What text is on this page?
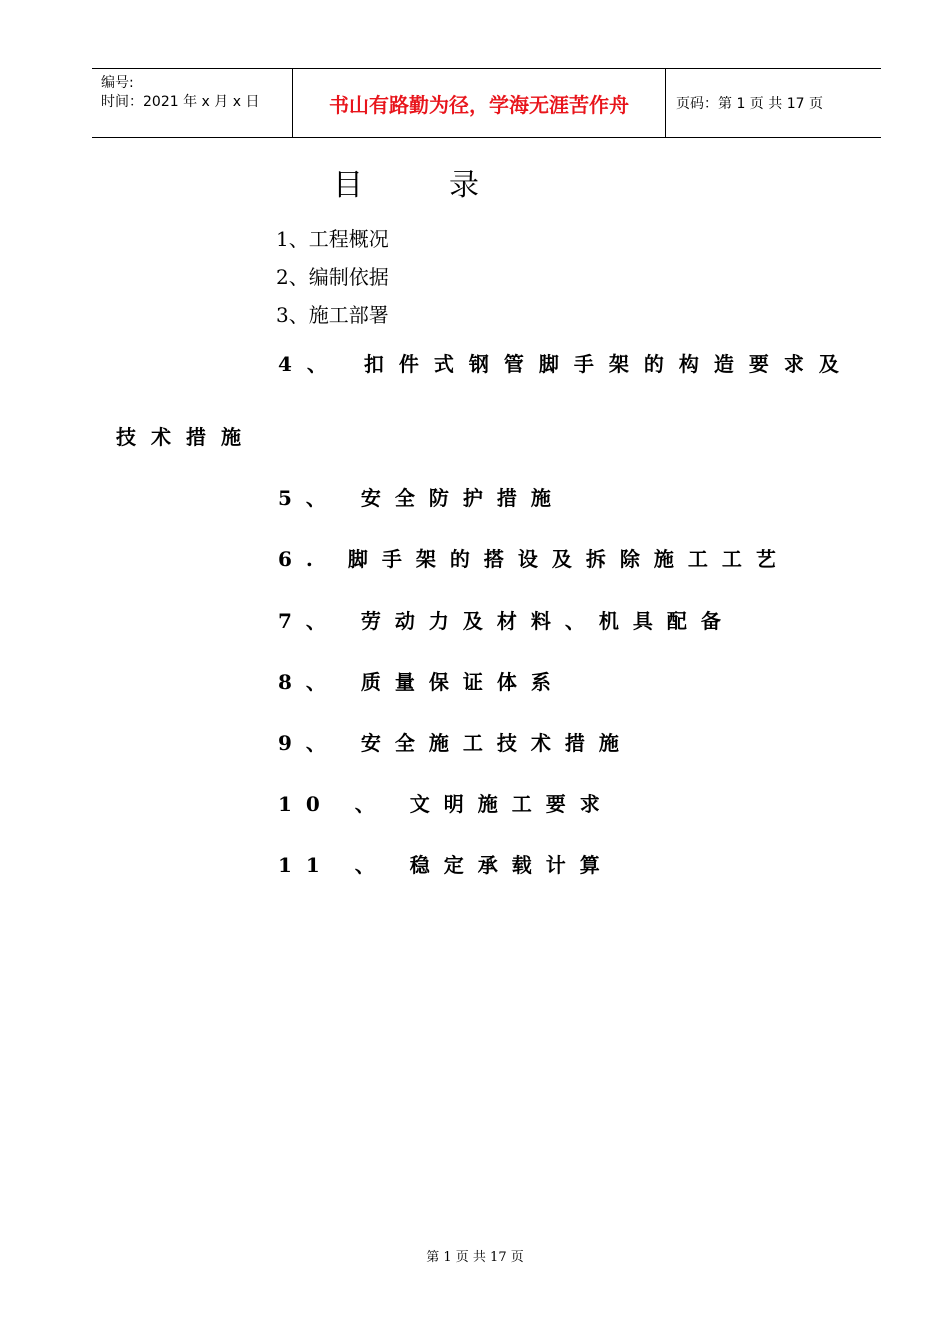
编号:
时间：2021 年 x 月 x 日	书山有路勤为径，学海无涯苦作舟	页码：第 1 页 共 17 页
目	录
1、工程概况
2、编制依据
3、施工部署
4、 扣件式钢管脚手架的构造要求及
技术措施
5、 安全防护措施
6. 脚手架的搭设及拆除施工工艺
7、 劳动力及材料、机具配备
8、 质量保证体系
9、 安全施工技术措施
10 、 文明施工要求
11 、 稳定承载计算
第 1 页 共 17 页
